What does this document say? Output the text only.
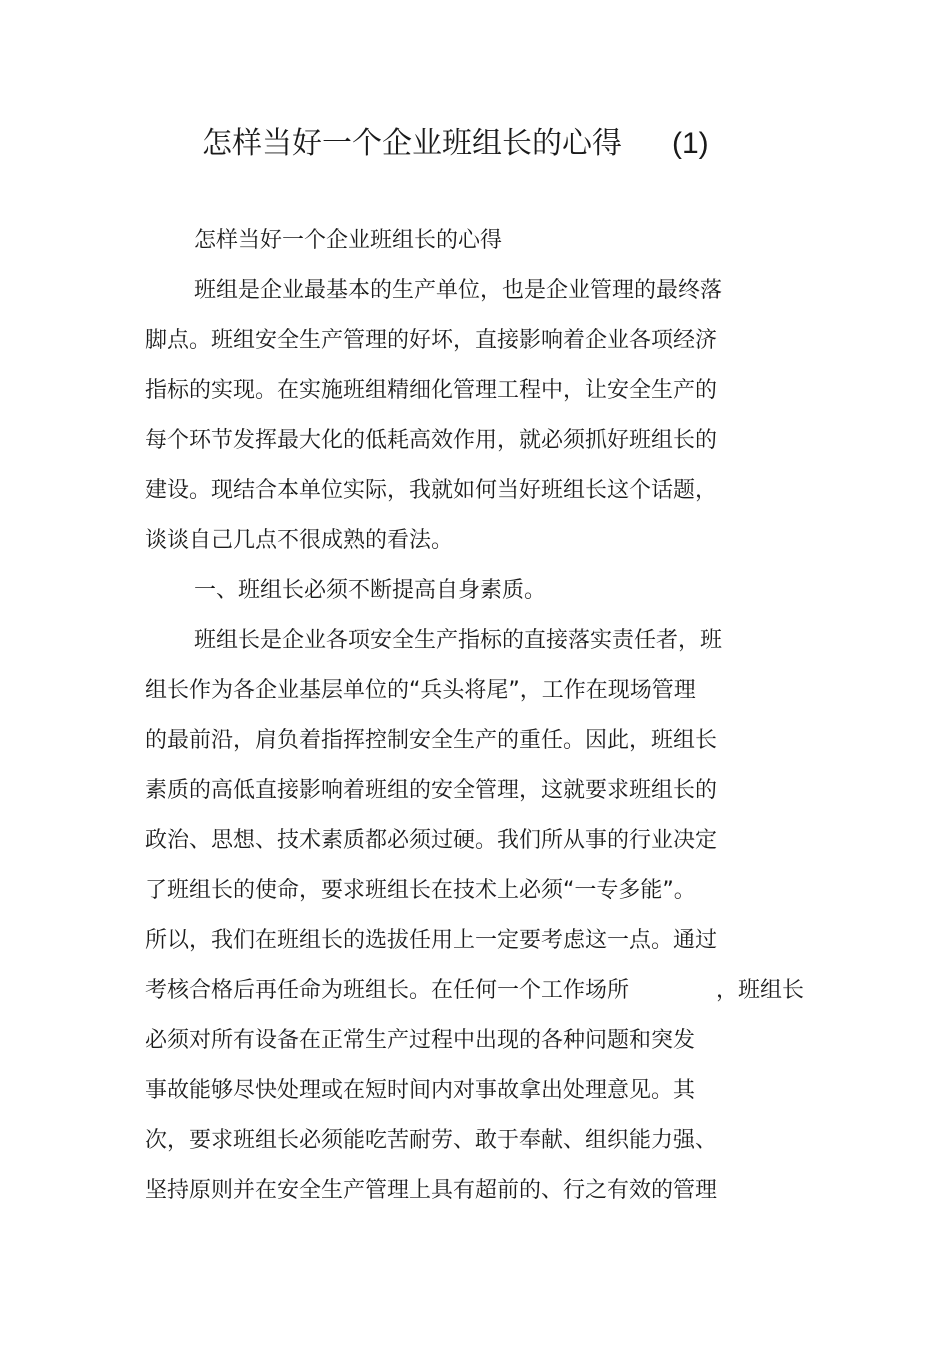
怎样当好一个企业班组长的心得 (1)

怎样当好一个企业班组长的心得

班组是企业最基本的生产单位，也是企业管理的最终落

脚点。班组安全生产管理的好坏，直接影响着企业各项经济

指标的实现。在实施班组精细化管理工程中，让安全生产的

每个环节发挥最大化的低耗高效作用，就必须抓好班组长的

建设。现结合本单位实际，我就如何当好班组长这个话题，

谈谈自己几点不很成熟的看法。

一、班组长必须不断提高自身素质。

班组长是企业各项安全生产指标的直接落实责任者，班

组长作为各企业基层单位的“兵头将尾”，工作在现场管理

的最前沿，肩负着指挥控制安全生产的重任。因此，班组长

素质的高低直接影响着班组的安全管理，这就要求班组长的

政治、思想、技术素质都必须过硬。我们所从事的行业决定

了班组长的使命，要求班组长在技术上必须“一专多能”。

所以，我们在班组长的选拔任用上一定要考虑这一点。通过

考核合格后再任命为班组长。在任何一个工作场所	，班组长

必须对所有设备在正常生产过程中出现的各种问题和突发

事故能够尽快处理或在短时间内对事故拿出处理意见。其

次，要求班组长必须能吃苦耐劳、敢于奉献、组织能力强、

坚持原则并在安全生产管理上具有超前的、行之有效的管理
